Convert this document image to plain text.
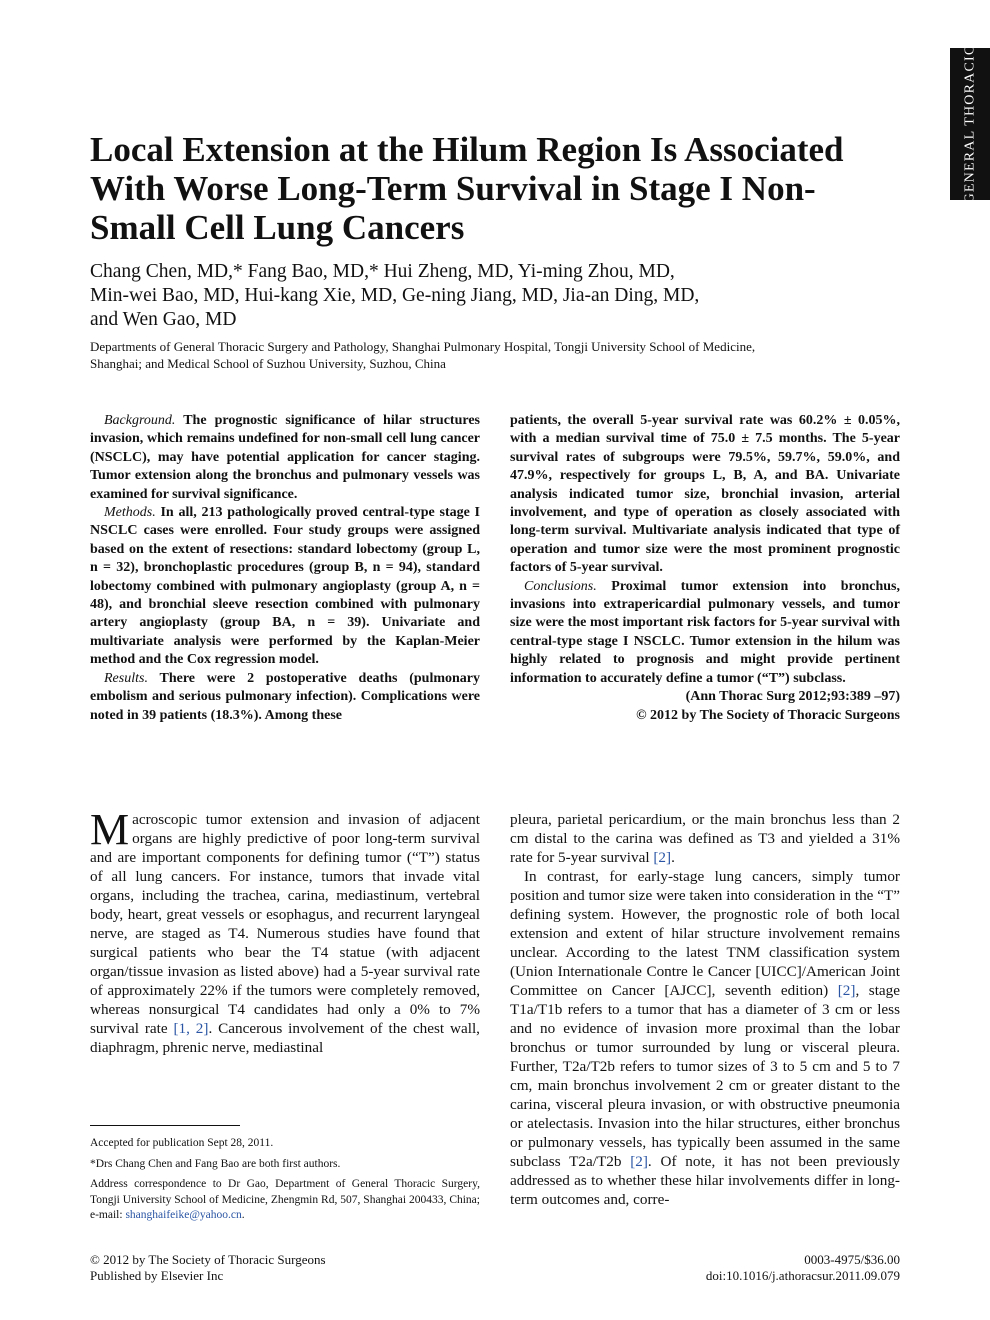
GENERAL THORACIC
Local Extension at the Hilum Region Is Associated
With Worse Long-Term Survival in Stage I Non-
Small Cell Lung Cancers
Chang Chen, MD,* Fang Bao, MD,* Hui Zheng, MD, Yi-ming Zhou, MD,
Min-wei Bao, MD, Hui-kang Xie, MD, Ge-ning Jiang, MD, Jia-an Ding, MD,
and Wen Gao, MD
Departments of General Thoracic Surgery and Pathology, Shanghai Pulmonary Hospital, Tongji University School of Medicine,
Shanghai; and Medical School of Suzhou University, Suzhou, China

Background. The prognostic significance of hilar structures invasion, which remains undefined for non-small cell lung cancer (NSCLC), may have potential application for cancer staging. Tumor extension along the bronchus and pulmonary vessels was examined for survival significance.

Methods. In all, 213 pathologically proved central-type stage I NSCLC cases were enrolled. Four study groups were assigned based on the extent of resections: standard lobectomy (group L, n = 32), bronchoplastic procedures (group B, n = 94), standard lobectomy combined with pulmonary angioplasty (group A, n = 48), and bronchial sleeve resection combined with pulmonary artery angioplasty (group BA, n = 39). Univariate and multivariate analysis were performed by the Kaplan-Meier method and the Cox regression model.

Results. There were 2 postoperative deaths (pulmonary embolism and serious pulmonary infection). Complications were noted in 39 patients (18.3%). Among these

patients, the overall 5-year survival rate was 60.2% ± 0.05%, with a median survival time of 75.0 ± 7.5 months. The 5-year survival rates of subgroups were 79.5%, 59.7%, 59.0%, and 47.9%, respectively for groups L, B, A, and BA. Univariate analysis indicated tumor size, bronchial invasion, arterial involvement, and type of operation as closely associated with long-term survival. Multivariate analysis indicated that type of operation and tumor size were the most prominent prognostic factors of 5-year survival.

Conclusions. Proximal tumor extension into bronchus, invasions into extrapericardial pulmonary vessels, and tumor size were the most important risk factors for 5-year survival with central-type stage I NSCLC. Tumor extension in the hilum was highly related to prognosis and might provide pertinent information to accurately define a tumor (“T”) subclass.

(Ann Thorac Surg 2012;93:389 –97)

© 2012 by The Society of Thoracic Surgeons

Macroscopic tumor extension and invasion of adjacent organs are highly predictive of poor long-term survival and are important components for defining tumor (“T”) status of all lung cancers. For instance, tumors that invade vital organs, including the trachea, carina, mediastinum, vertebral body, heart, great vessels or esophagus, and recurrent laryngeal nerve, are staged as T4. Numerous studies have found that surgical patients who bear the T4 statue (with adjacent organ/tissue invasion as listed above) had a 5-year survival rate of approximately 22% if the tumors were completely removed, whereas nonsurgical T4 candidates had only a 0% to 7% survival rate [1, 2]. Cancerous involvement of the chest wall, diaphragm, phrenic nerve, mediastinal

pleura, parietal pericardium, or the main bronchus less than 2 cm distal to the carina was defined as T3 and yielded a 31% rate for 5-year survival [2].

In contrast, for early-stage lung cancers, simply tumor position and tumor size were taken into consideration in the “T” defining system. However, the prognostic role of both local extension and extent of hilar structure involvement remains unclear. According to the latest TNM classification system (Union Internationale Contre le Cancer [UICC]/American Joint Committee on Cancer [AJCC], seventh edition) [2], stage T1a/T1b refers to a tumor that has a diameter of 3 cm or less and no evidence of invasion more proximal than the lobar bronchus or tumor surrounded by lung or visceral pleura. Further, T2a/T2b refers to tumor sizes of 3 to 5 cm and 5 to 7 cm, main bronchus involvement 2 cm or greater distant to the carina, visceral pleura invasion, or with obstructive pneumonia or atelectasis. Invasion into the hilar structures, either bronchus or pulmonary vessels, has typically been assumed in the same subclass T2a/T2b [2]. Of note, it has not been previously addressed as to whether these hilar involvements differ in long-term outcomes and, corre-

Accepted for publication Sept 28, 2011.

*Drs Chang Chen and Fang Bao are both first authors.

Address correspondence to Dr Gao, Department of General Thoracic Surgery, Tongji University School of Medicine, Zhengmin Rd, 507, Shanghai 200433, China; e-mail: shanghaifeike@yahoo.cn.

© 2012 by The Society of Thoracic Surgeons
Published by Elsevier Inc
0003-4975/$36.00
doi:10.1016/j.athoracsur.2011.09.079
